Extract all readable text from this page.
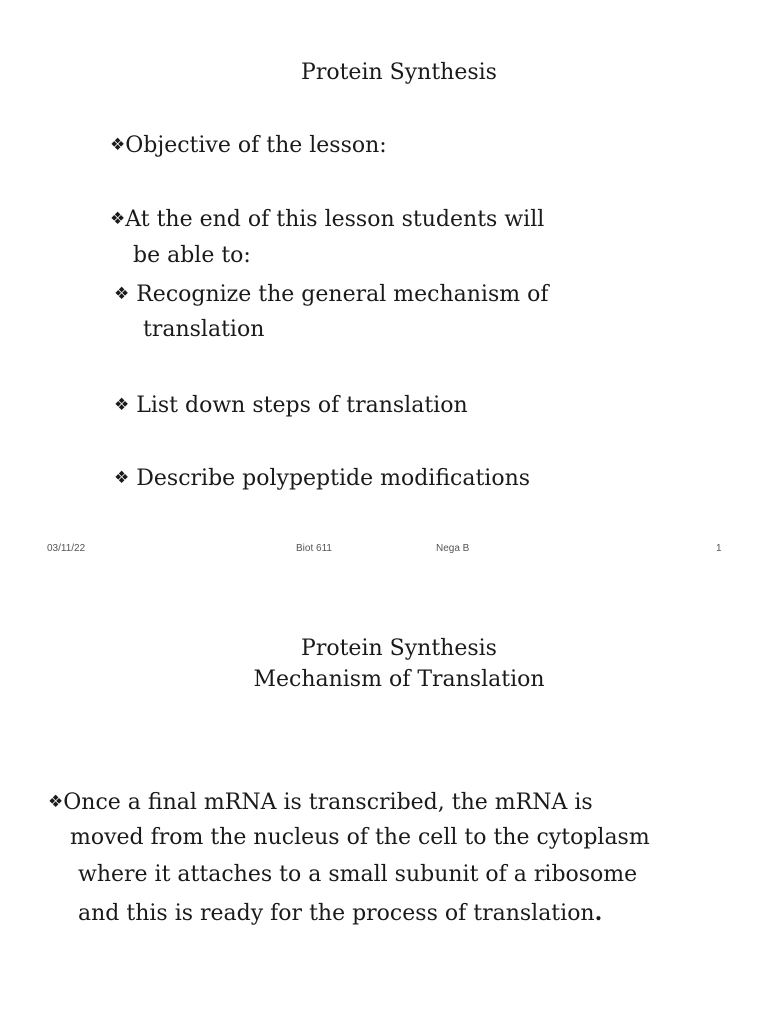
Protein Synthesis
❖Objective of the lesson:
❖At the end of this lesson students will
be able to:
❖ Recognize the general mechanism of
translation
❖ List down steps of translation
❖ Describe polypeptide modifications
03/11/22	Biot 611	Nega B	1
Protein Synthesis
Mechanism of Translation
❖Once a final mRNA is transcribed, the mRNA is
moved from the nucleus of the cell to the cytoplasm
where it attaches to a small subunit of a ribosome
and this is ready for the process of translation.
